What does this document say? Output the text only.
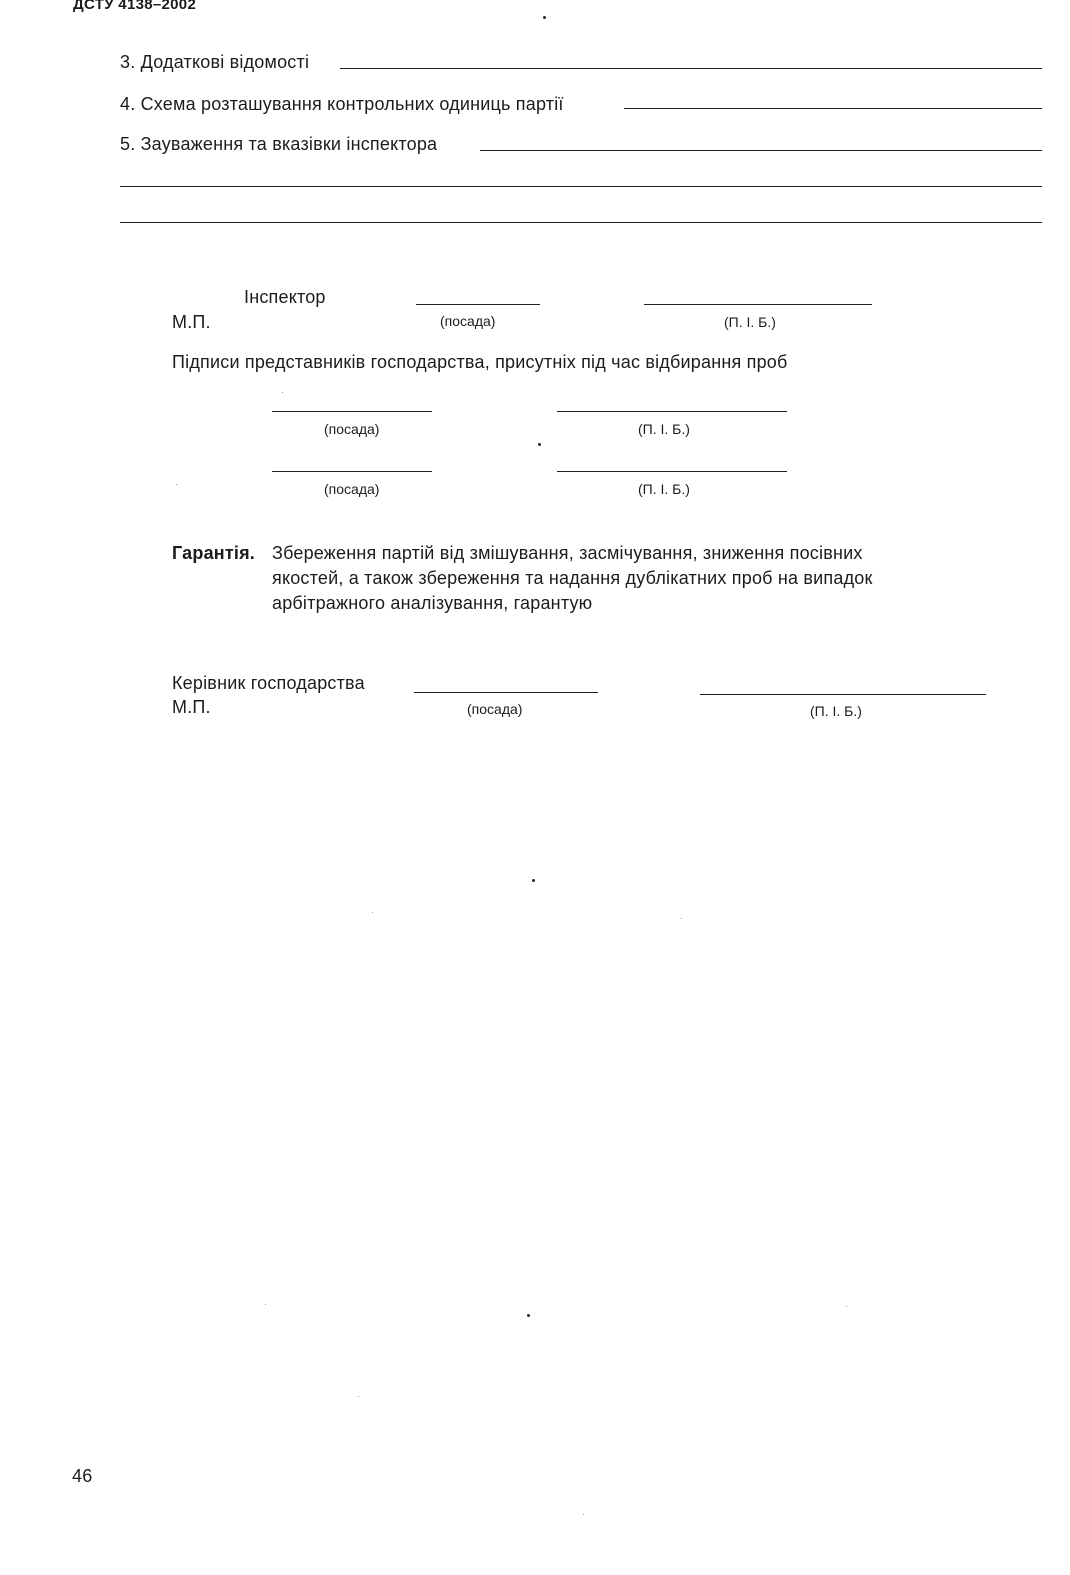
ДСТУ 4138–2002
3. Додаткові відомості
4. Схема розташування контрольних одиниць партії
5. Зауваження та вказівки інспектора
Інспектор
М.П.	(посада)	(П. І. Б.)
Підписи представників господарства, присутніх під час відбирання проб
(посада)	(П. І. Б.)
(посада)	(П. І. Б.)
Гарантія. Збереження партій від змішування, засмічування, зниження посівних
якостей, а також збереження та надання дублікатних проб на випадок
арбітражного аналізування, гарантую
Керівник господарства
М.П.	(посада)	(П. І. Б.)
46
